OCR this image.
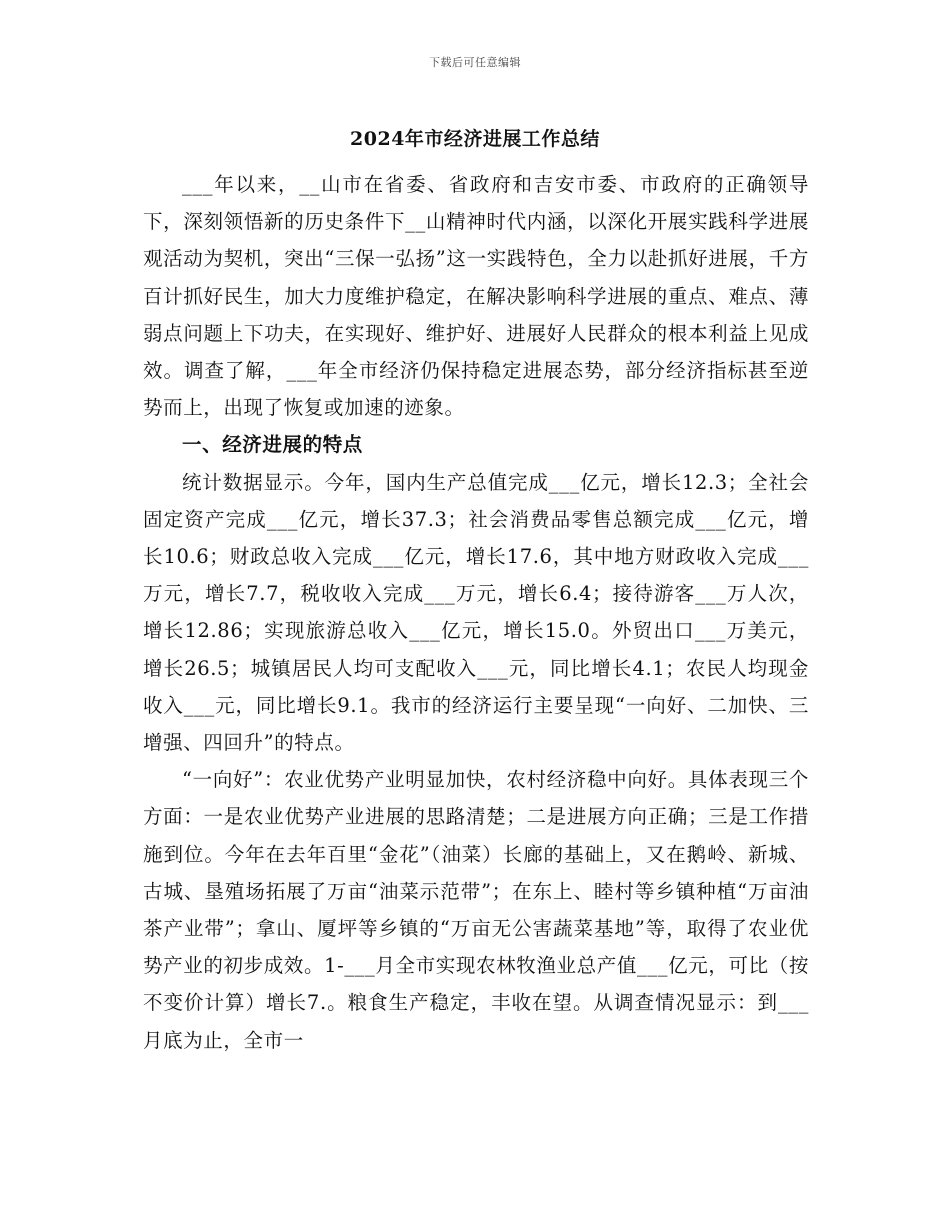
下载后可任意编辑
2024年市经济进展工作总结

___年以来，__山市在省委、省政府和吉安市委、市政府的正确领导下，深刻领悟新的历史条件下__山精神时代内涵，以深化开展实践科学进展观活动为契机，突出“三保一弘扬”这一实践特色，全力以赴抓好进展，千方百计抓好民生，加大力度维护稳定，在解决影响科学进展的重点、难点、薄弱点问题上下功夫，在实现好、维护好、进展好人民群众的根本利益上见成效。调查了解，___年全市经济仍保持稳定进展态势，部分经济指标甚至逆势而上，出现了恢复或加速的迹象。

一、经济进展的特点

统计数据显示。今年，国内生产总值完成___亿元，增长12.3；全社会固定资产完成___亿元，增长37.3；社会消费品零售总额完成___亿元，增长10.6；财政总收入完成___亿元，增长17.6，其中地方财政收入完成___万元，增长7.7，税收收入完成___万元，增长6.4；接待游客___万人次，增长12.86；实现旅游总收入___亿元，增长15.0。外贸出口___万美元，增长26.5；城镇居民人均可支配收入___元，同比增长4.1；农民人均现金收入___元，同比增长9.1。我市的经济运行主要呈现“一向好、二加快、三增强、四回升”的特点。

“一向好”：农业优势产业明显加快，农村经济稳中向好。具体表现三个方面：一是农业优势产业进展的思路清楚；二是进展方向正确；三是工作措施到位。今年在去年百里“金花”（油菜）长廊的基础上，又在鹅岭、新城、古城、垦殖场拓展了万亩“油菜示范带”；在东上、睦村等乡镇种植“万亩油茶产业带”；拿山、厦坪等乡镇的“万亩无公害蔬菜基地”等，取得了农业优势产业的初步成效。1-___月全市实现农林牧渔业总产值___亿元，可比（按不变价计算）增长7.。粮食生产稳定，丰收在望。从调查情况显示：到___月底为止，全市一
